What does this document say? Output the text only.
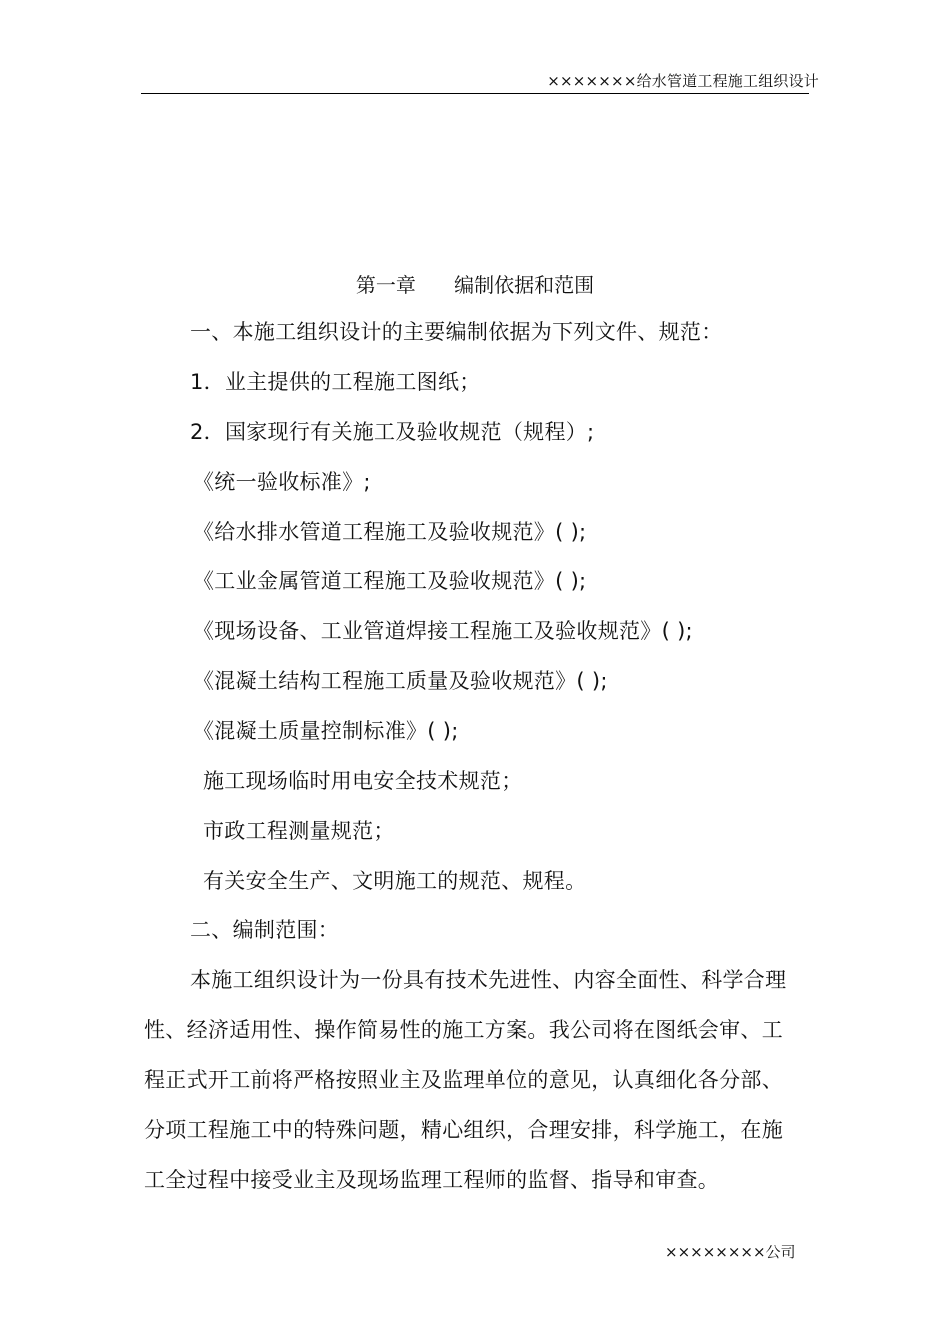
×××××××给水管道工程施工组织设计
第一章 编制依据和范围
一、本施工组织设计的主要编制依据为下列文件、规范：
1．业主提供的工程施工图纸；
2．国家现行有关施工及验收规范（规程）;
《统一验收标准》;
《给水排水管道工程施工及验收规范》( );
《工业金属管道工程施工及验收规范》( );
《现场设备、工业管道焊接工程施工及验收规范》( );
《混凝土结构工程施工质量及验收规范》( );
《混凝土质量控制标准》( );
施工现场临时用电安全技术规范；
市政工程测量规范；
有关安全生产、文明施工的规范、规程。
二、编制范围：
本施工组织设计为一份具有技术先进性、内容全面性、科学合理
性、经济适用性、操作简易性的施工方案。我公司将在图纸会审、工
程正式开工前将严格按照业主及监理单位的意见，认真细化各分部、
分项工程施工中的特殊问题，精心组织，合理安排，科学施工，在施
工全过程中接受业主及现场监理工程师的监督、指导和审查。
××××××××公司
